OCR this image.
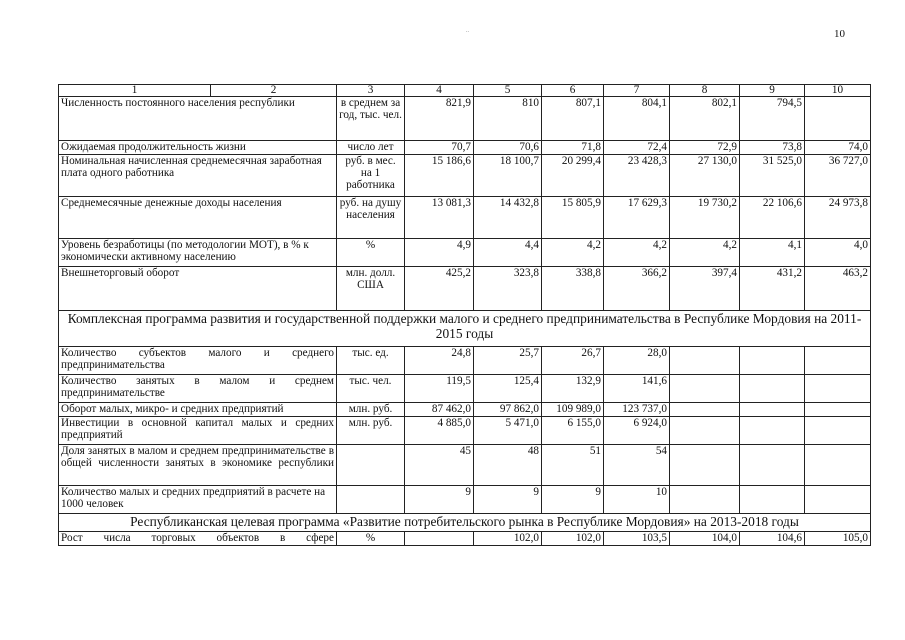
10
..
1	2	3	4	5	6	7	8	9	10
Численность постоянного населения республики		в среднем за год, тыс. чел.	821,9	810	807,1	804,1	802,1	794,5	
Ожидаемая продолжительность жизни		число лет	70,7	70,6	71,8	72,4	72,9	73,8	74,0
Номинальная начисленная среднемесячная заработная плата одного работника		руб. в мес. на 1 работника	15 186,6	18 100,7	20 299,4	23 428,3	27 130,0	31 525,0	36 727,0
Среднемесячные денежные доходы населения		руб. на душу населения	13 081,3	14 432,8	15 805,9	17 629,3	19 730,2	22 106,6	24 973,8
Уровень безработицы (по методологии МОТ), в % к экономически активному населению		%	4,9	4,4	4,2	4,2	4,2	4,1	4,0
Внешнеторговый оборот		млн. долл. США	425,2	323,8	338,8	366,2	397,4	431,2	463,2
Комплексная программа развития и государственной поддержки малого и среднего предпринимательства в Республике Мордовия на 2011-2015 годы									
Количество субъектов малого и среднего предпринимательства		тыс. ед.	24,8	25,7	26,7	28,0			
Количество занятых в малом и среднем предпринимательстве		тыс. чел.	119,5	125,4	132,9	141,6			
Оборот малых, микро- и средних предприятий		млн. руб.	87 462,0	97 862,0	109 989,0	123 737,0			
Инвестиции в основной капитал малых и средних предприятий		млн. руб.	4 885,0	5 471,0	6 155,0	6 924,0			
Доля занятых в малом и среднем предпринимательстве в общей численности занятых в экономике республики			45	48	51	54			
Количество малых и средних предприятий в расчете на 1000 человек			9	9	9	10			
Республиканская целевая программа «Развитие потребительского рынка в Республике Мордовия» на 2013-2018 годы									
Рост числа торговых объектов в сфере		%		102,0	102,0	103,5	104,0	104,6	105,0
